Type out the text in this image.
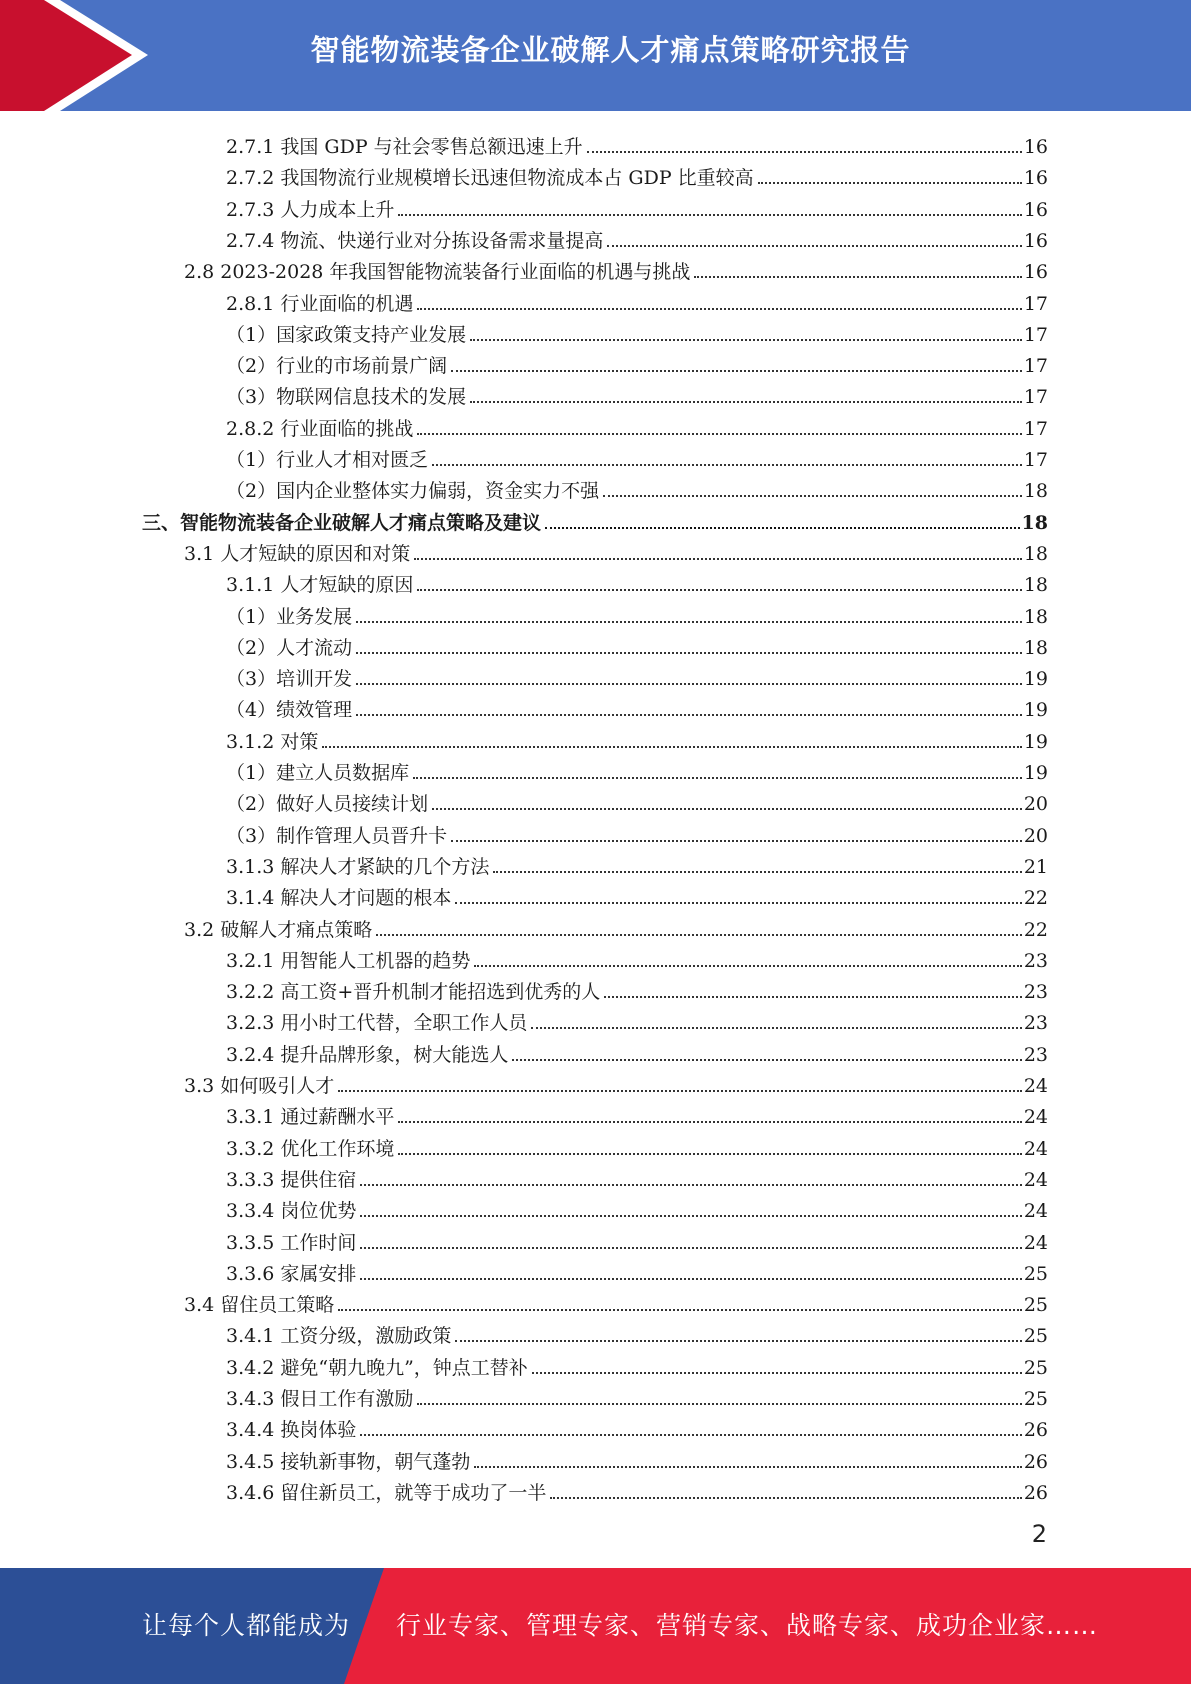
智能物流装备企业破解人才痛点策略研究报告
2.7.1 我国 GDP 与社会零售总额迅速上升	16
2.7.2 我国物流行业规模增长迅速但物流成本占 GDP 比重较高	16
2.7.3 人力成本上升	16
2.7.4 物流、快递行业对分拣设备需求量提高	16
2.8 2023-2028 年我国智能物流装备行业面临的机遇与挑战	16
2.8.1 行业面临的机遇	17
（1）国家政策支持产业发展	17
（2）行业的市场前景广阔	17
（3）物联网信息技术的发展	17
2.8.2 行业面临的挑战	17
（1）行业人才相对匮乏	17
（2）国内企业整体实力偏弱，资金实力不强	18
三、智能物流装备企业破解人才痛点策略及建议	18
3.1 人才短缺的原因和对策	18
3.1.1 人才短缺的原因	18
（1）业务发展	18
（2）人才流动	18
（3）培训开发	19
（4）绩效管理	19
3.1.2 对策	19
（1）建立人员数据库	19
（2）做好人员接续计划	20
（3）制作管理人员晋升卡	20
3.1.3 解决人才紧缺的几个方法	21
3.1.4 解决人才问题的根本	22
3.2 破解人才痛点策略	22
3.2.1 用智能人工机器的趋势	23
3.2.2 高工资+晋升机制才能招选到优秀的人	23
3.2.3 用小时工代替，全职工作人员	23
3.2.4 提升品牌形象，树大能选人	23
3.3 如何吸引人才	24
3.3.1 通过薪酬水平	24
3.3.2 优化工作环境	24
3.3.3 提供住宿	24
3.3.4 岗位优势	24
3.3.5 工作时间	24
3.3.6 家属安排	25
3.4 留住员工策略	25
3.4.1 工资分级，激励政策	25
3.4.2 避免“朝九晚九”，钟点工替补	25
3.4.3 假日工作有激励	25
3.4.4 换岗体验	26
3.4.5 接轨新事物，朝气蓬勃	26
3.4.6 留住新员工，就等于成功了一半	26
2
让每个人都能成为 行业专家、管理专家、营销专家、战略专家、成功企业家……
